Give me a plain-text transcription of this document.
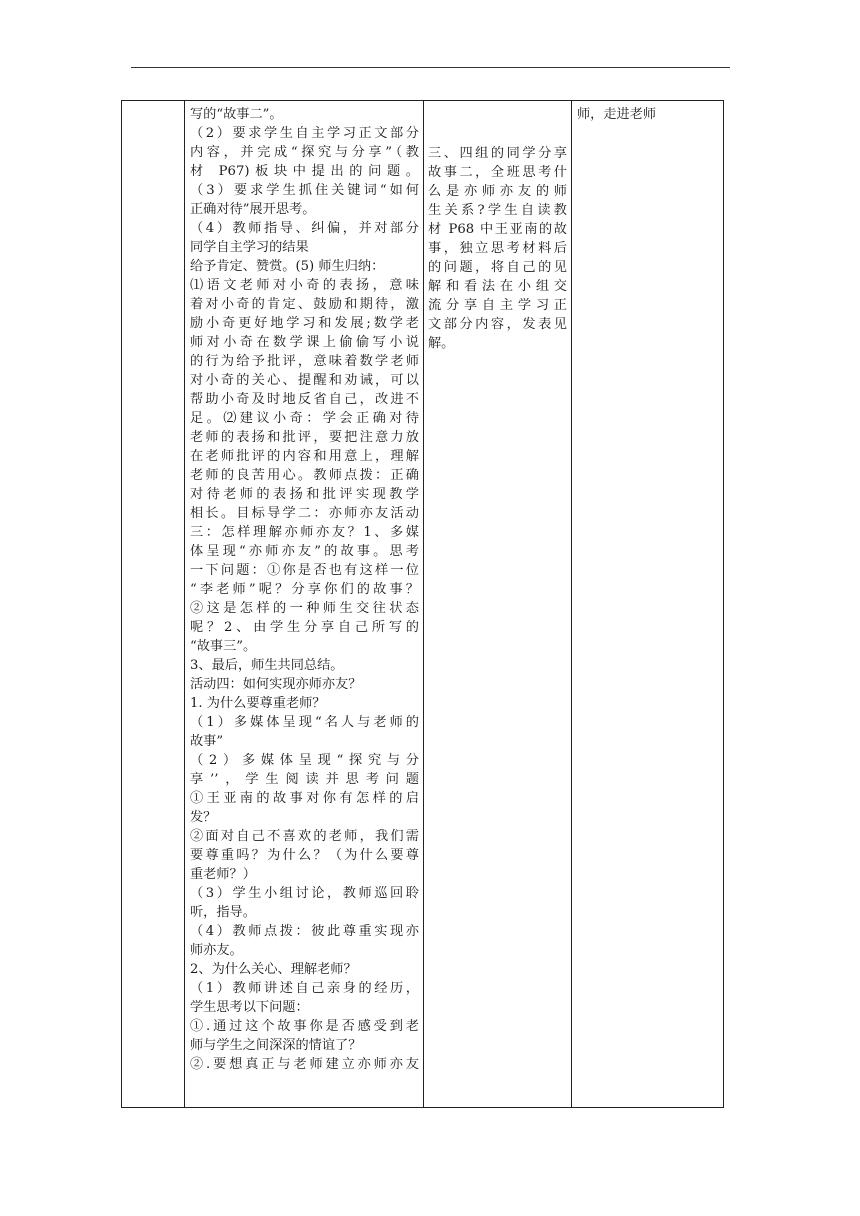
写的“故事二”。
（2）要求学生自主学习正文部分
内容，并完成“探究与分享”（教
材 P67)板块中提出的问题。
（3）要求学生抓住关键词“如何
正确对待”展开思考。
（4）教师指导、纠偏，并对部分
同学自主学习的结果
给予肯定、赞赏。(5) 师生归纳：
⑴语文老师对小奇的表扬，意味
着对小奇的肯定、鼓励和期待，激
励小奇更好地学习和发展;数学老
师对小奇在数学课上偷偷写小说
的行为给予批评，意味着数学老师
对小奇的关心、提醒和劝诫，可以
帮助小奇及时地反省自己，改进不
足。⑵建议小奇：学会正确对待
老师的表扬和批评，要把注意力放
在老师批评的内容和用意上，理解
老师的良苦用心。教师点拨：正确
对待老师的表扬和批评实现教学
相长。目标导学二：亦师亦友活动
三：怎样理解亦师亦友？1、多媒
体呈现“亦师亦友”的故事。思考
一下问题：①你是否也有这样一位
“李老师”呢？分享你们的故事？
②这是怎样的一种师生交往状态
呢？2、由学生分享自己所写的
“故事三”。
3、最后，师生共同总结。
活动四：如何实现亦师亦友？
1. 为什么要尊重老师？
（1）多媒体呈现“名人与老师的
故事”
（2）多媒体呈现“探究与分
享’’，学生阅读并思考问题
①王亚南的故事对你有怎样的启
发？
②面对自己不喜欢的老师，我们需
要尊重吗？为什么？（为什么要尊
重老师？）
（3）学生小组讨论，教师巡回聆
听，指导。
（4）教师点拨：彼此尊重实现亦
师亦友。
2、为什么关心、理解老师？
（1）教师讲述自己亲身的经历，
学生思考以下问题：
①.通过这个故事你是否感受到老
师与学生之间深深的情谊了？
②.要想真正与老师建立亦师亦友

三、四组的同学分享
故事二，全班思考什
么是亦师亦友的师
生关系?学生自读教
材 P68 中王亚南的故
事，独立思考材料后
的问题，将自己的见
解和看法在小组交
流分享自主学习正
文部分内容，发表见
解。

师，走进老师
